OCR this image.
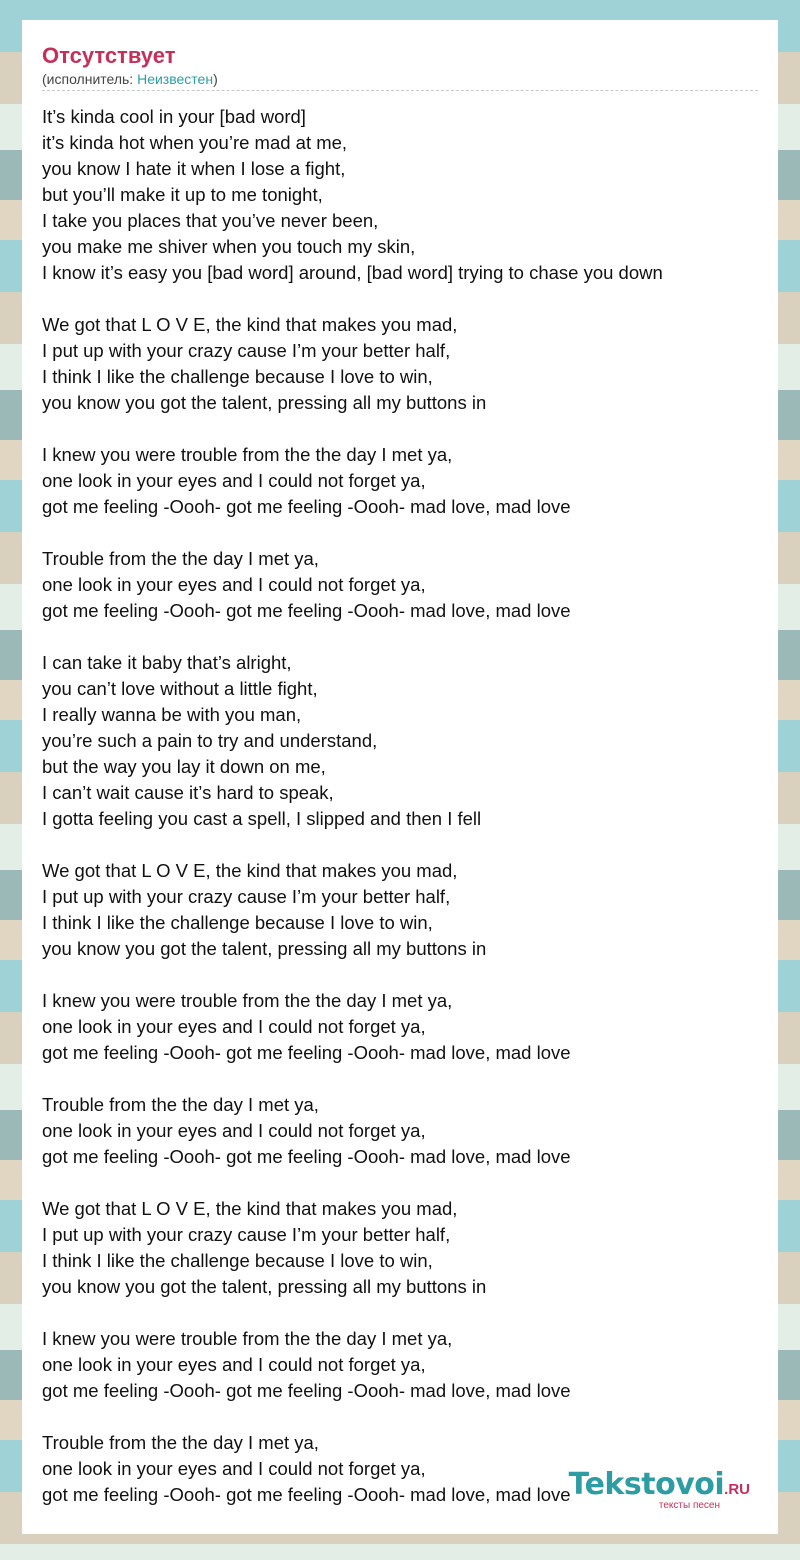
Отсутствует
(исполнитель: Неизвестен)
It’s kinda cool in your [bad word]
it’s kinda hot when you’re mad at me,
you know I hate it when I lose a fight,
but you’ll make it up to me tonight,
I take you places that you’ve never been,
you make me shiver when you touch my skin,
I know it’s easy you [bad word] around, [bad word] trying to chase you down
We got that L O V E, the kind that makes you mad,
I put up with your crazy cause I’m your better half,
I think I like the challenge because I love to win,
you know you got the talent, pressing all my buttons in
I knew you were trouble from the the day I met ya,
one look in your eyes and I could not forget ya,
got me feeling -Oooh- got me feeling -Oooh- mad love, mad love
Trouble from the the day I met ya,
one look in your eyes and I could not forget ya,
got me feeling -Oooh- got me feeling -Oooh- mad love, mad love
I can take it baby that’s alright,
you can’t love without a little fight,
I really wanna be with you man,
you’re such a pain to try and understand,
but the way you lay it down on me,
I can’t wait cause it’s hard to speak,
I gotta feeling you cast a spell, I slipped and then I fell
We got that L O V E, the kind that makes you mad,
I put up with your crazy cause I’m your better half,
I think I like the challenge because I love to win,
you know you got the talent, pressing all my buttons in
I knew you were trouble from the the day I met ya,
one look in your eyes and I could not forget ya,
got me feeling -Oooh- got me feeling -Oooh- mad love, mad love
Trouble from the the day I met ya,
one look in your eyes and I could not forget ya,
got me feeling -Oooh- got me feeling -Oooh- mad love, mad love
We got that L O V E, the kind that makes you mad,
I put up with your crazy cause I’m your better half,
I think I like the challenge because I love to win,
you know you got the talent, pressing all my buttons in
I knew you were trouble from the the day I met ya,
one look in your eyes and I could not forget ya,
got me feeling -Oooh- got me feeling -Oooh- mad love, mad love
Trouble from the the day I met ya,
one look in your eyes and I could not forget ya,
got me feeling -Oooh- got me feeling -Oooh- mad love, mad love
Tekstovoi.RU
тексты песен
